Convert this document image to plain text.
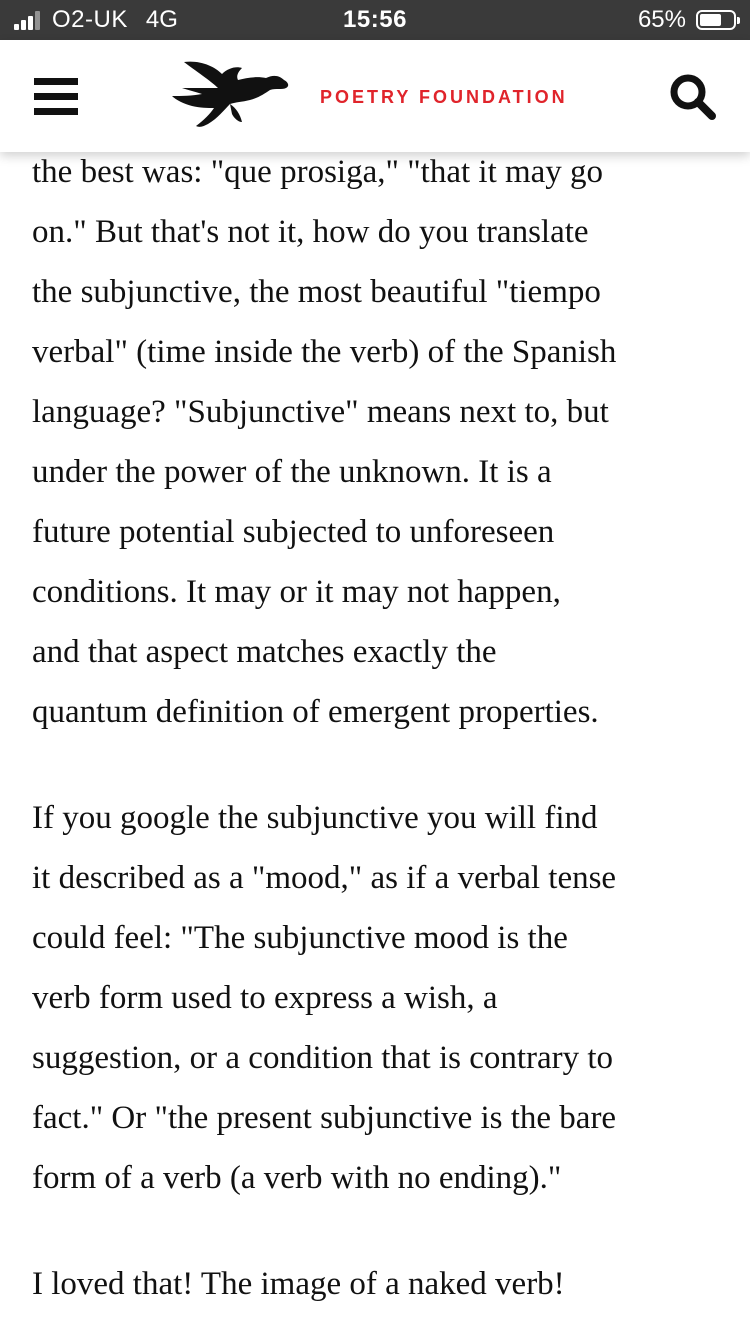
O2-UK 4G	15:56	65%
POETRY FOUNDATION

the best was: "que prosiga," "that it may go
on." But that's not it, how do you translate
the subjunctive, the most beautiful "tiempo
verbal" (time inside the verb) of the Spanish
language? "Subjunctive" means next to, but
under the power of the unknown. It is a
future potential subjected to unforeseen
conditions. It may or it may not happen,
and that aspect matches exactly the
quantum definition of emergent properties.

If you google the subjunctive you will find
it described as a "mood," as if a verbal tense
could feel: "The subjunctive mood is the
verb form used to express a wish, a
suggestion, or a condition that is contrary to
fact." Or "the present subjunctive is the bare
form of a verb (a verb with no ending)."

I loved that! The image of a naked verb!
